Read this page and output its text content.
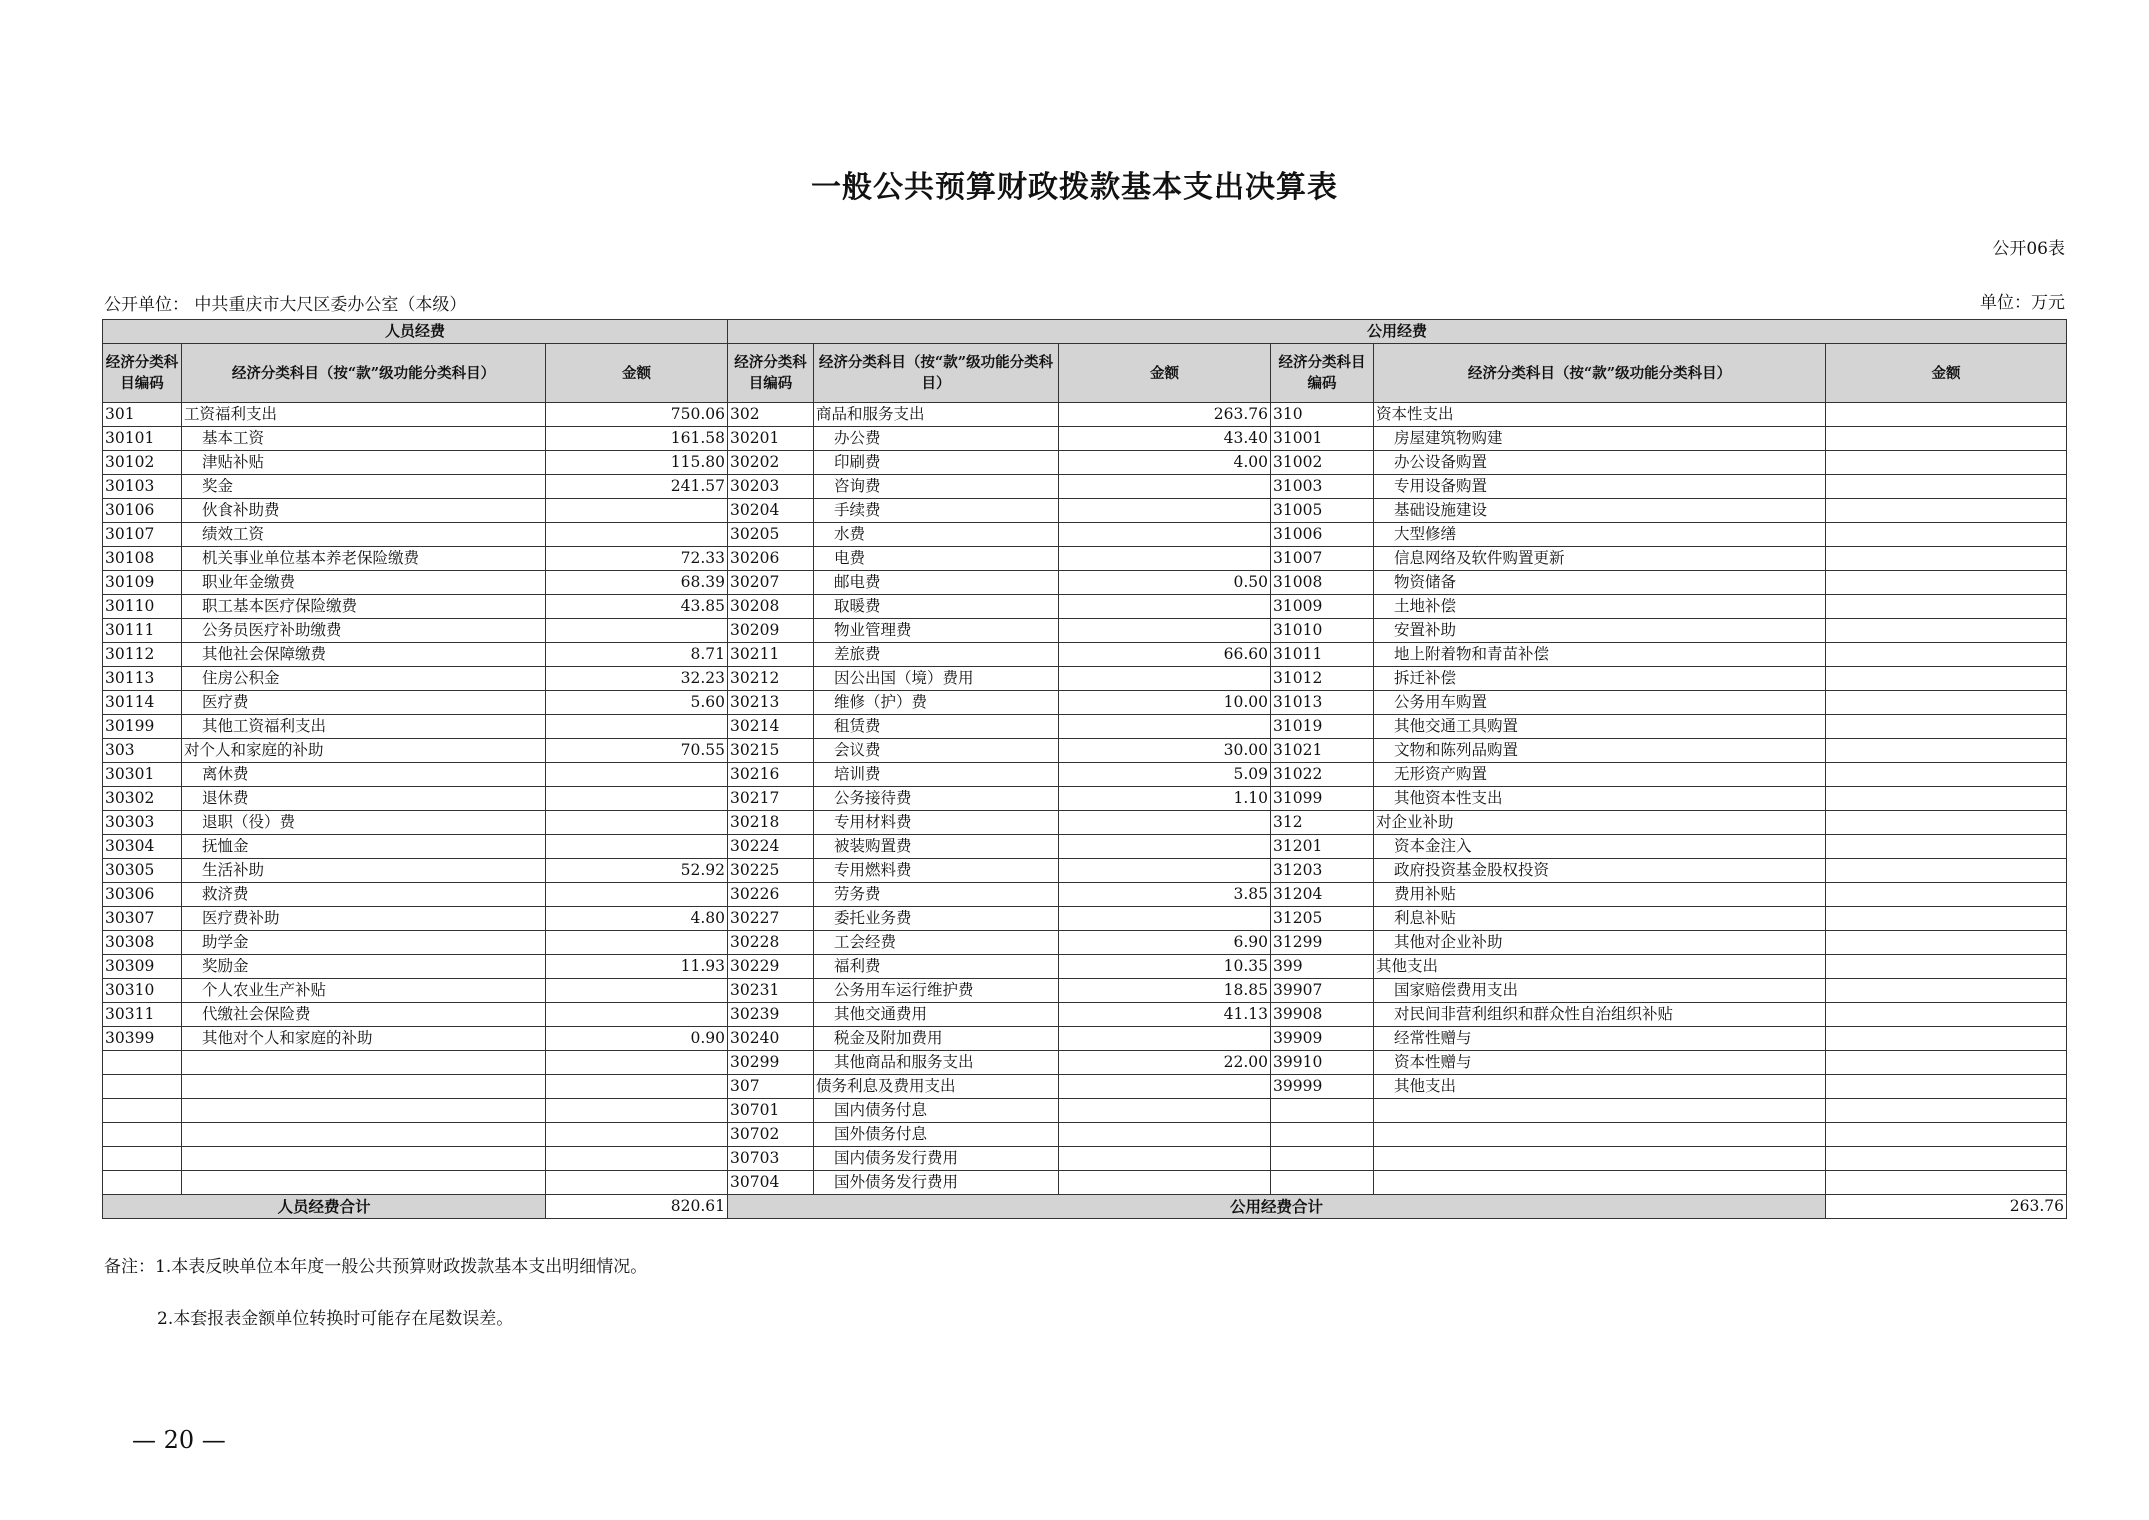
一般公共预算财政拨款基本支出决算表
公开06表
公开单位： 中共重庆市大尺区委办公室（本级）	单位：万元
人员经费			公用经费					
经济分类科目编码	经济分类科目（按“款”级功能分类科目）	金额	经济分类科目编码	经济分类科目（按“款”级功能分类科目）	金额	经济分类科目编码	经济分类科目（按“款”级功能分类科目）	金额
301	工资福利支出	750.06	302	商品和服务支出	263.76	310	资本性支出	
30101	基本工资	161.58	30201	办公费	43.40	31001	房屋建筑物购建	
30102	津贴补贴	115.80	30202	印刷费	4.00	31002	办公设备购置	
30103	奖金	241.57	30203	咨询费		31003	专用设备购置	
30106	伙食补助费		30204	手续费		31005	基础设施建设	
30107	绩效工资		30205	水费		31006	大型修缮	
30108	机关事业单位基本养老保险缴费	72.33	30206	电费		31007	信息网络及软件购置更新	
30109	职业年金缴费	68.39	30207	邮电费	0.50	31008	物资储备	
30110	职工基本医疗保险缴费	43.85	30208	取暖费		31009	土地补偿	
30111	公务员医疗补助缴费		30209	物业管理费		31010	安置补助	
30112	其他社会保障缴费	8.71	30211	差旅费	66.60	31011	地上附着物和青苗补偿	
30113	住房公积金	32.23	30212	因公出国（境）费用		31012	拆迁补偿	
30114	医疗费	5.60	30213	维修（护）费	10.00	31013	公务用车购置	
30199	其他工资福利支出		30214	租赁费		31019	其他交通工具购置	
303	对个人和家庭的补助	70.55	30215	会议费	30.00	31021	文物和陈列品购置	
30301	离休费		30216	培训费	5.09	31022	无形资产购置	
30302	退休费		30217	公务接待费	1.10	31099	其他资本性支出	
30303	退职（役）费		30218	专用材料费		312	对企业补助	
30304	抚恤金		30224	被装购置费		31201	资本金注入	
30305	生活补助	52.92	30225	专用燃料费		31203	政府投资基金股权投资	
30306	救济费		30226	劳务费	3.85	31204	费用补贴	
30307	医疗费补助	4.80	30227	委托业务费		31205	利息补贴	
30308	助学金		30228	工会经费	6.90	31299	其他对企业补助	
30309	奖励金	11.93	30229	福利费	10.35	399	其他支出	
30310	个人农业生产补贴		30231	公务用车运行维护费	18.85	39907	国家赔偿费用支出	
30311	代缴社会保险费		30239	其他交通费用	41.13	39908	对民间非营利组织和群众性自治组织补贴	
30399	其他对个人和家庭的补助	0.90	30240	税金及附加费用		39909	经常性赠与	
			30299	其他商品和服务支出	22.00	39910	资本性赠与	
			307	债务利息及费用支出		39999	其他支出	
			30701	国内债务付息				
			30702	国外债务付息				
			30703	国内债务发行费用				
			30704	国外债务发行费用				
人员经费合计		820.61	公用经费合计					263.76
备注：1.本表反映单位本年度一般公共预算财政拨款基本支出明细情况。
2.本套报表金额单位转换时可能存在尾数误差。
— 20 —
